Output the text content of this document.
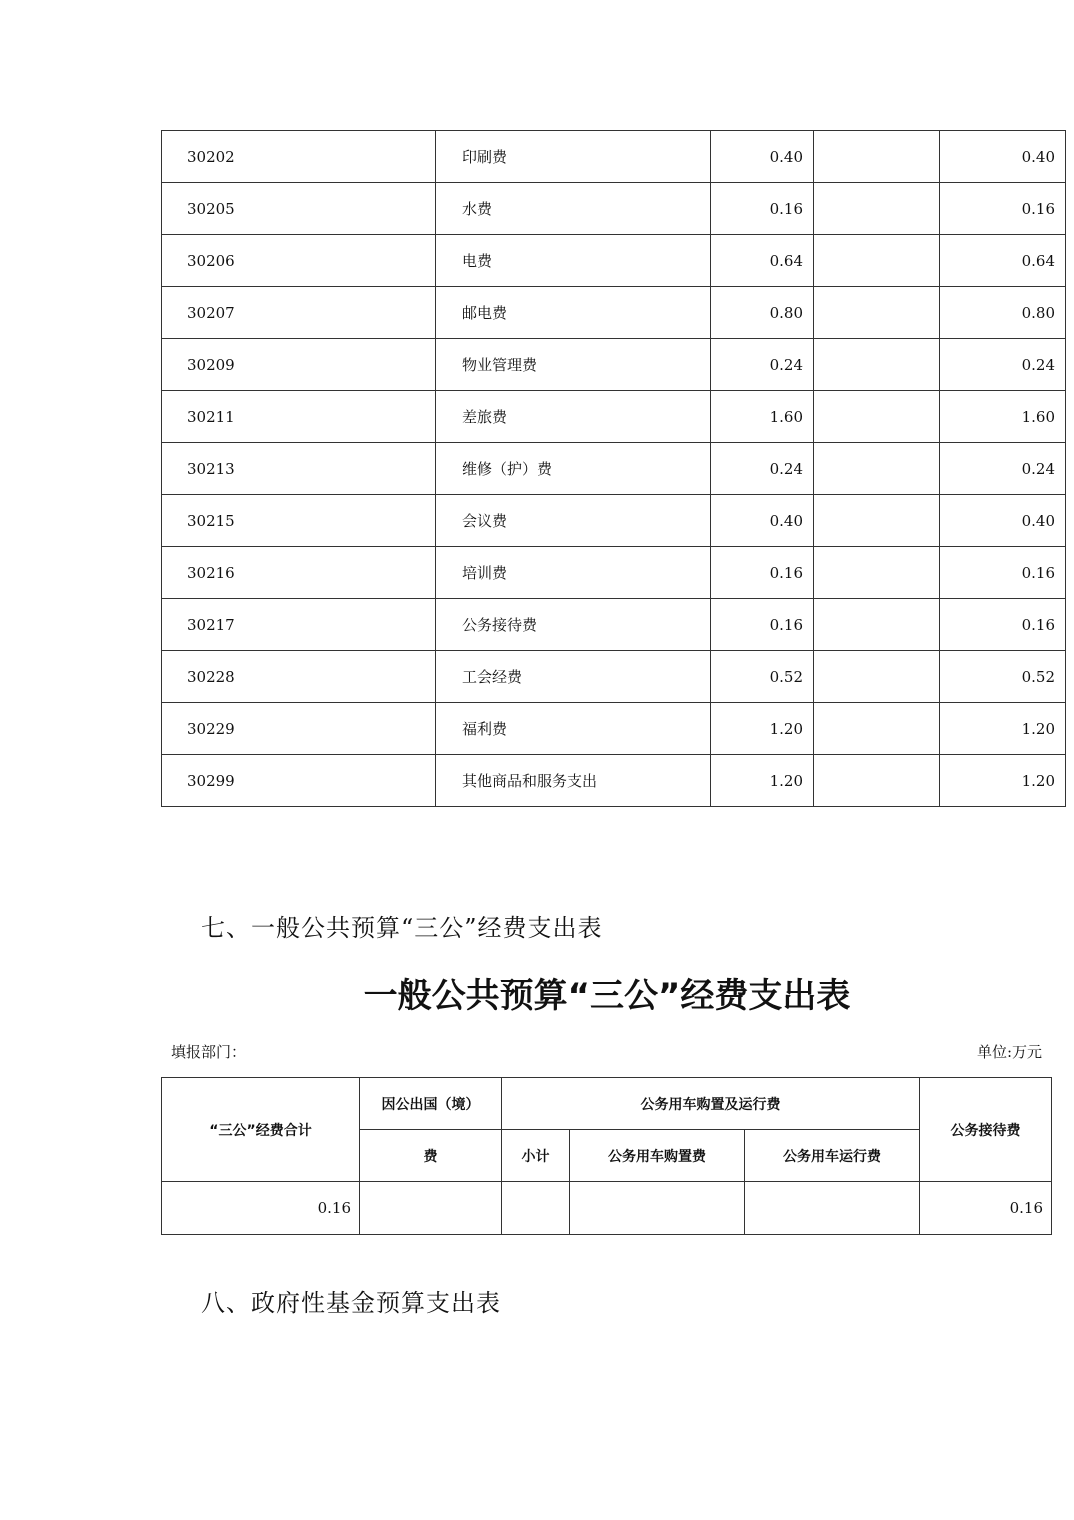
30202	印刷费	0.40		0.40
30205	水费	0.16		0.16
30206	电费	0.64		0.64
30207	邮电费	0.80		0.80
30209	物业管理费	0.24		0.24
30211	差旅费	1.60		1.60
30213	维修（护）费	0.24		0.24
30215	会议费	0.40		0.40
30216	培训费	0.16		0.16
30217	公务接待费	0.16		0.16
30228	工会经费	0.52		0.52
30229	福利费	1.20		1.20
30299	其他商品和服务支出	1.20		1.20
七、一般公共预算“三公”经费支出表
一般公共预算“三公”经费支出表
填报部门：	单位:万元
“三公”经费合计	因公出国（境）	公务用车购置及运行费			公务接待费
	费	小计	公务用车购置费	公务用车运行费	
0.16					0.16
八、政府性基金预算支出表
